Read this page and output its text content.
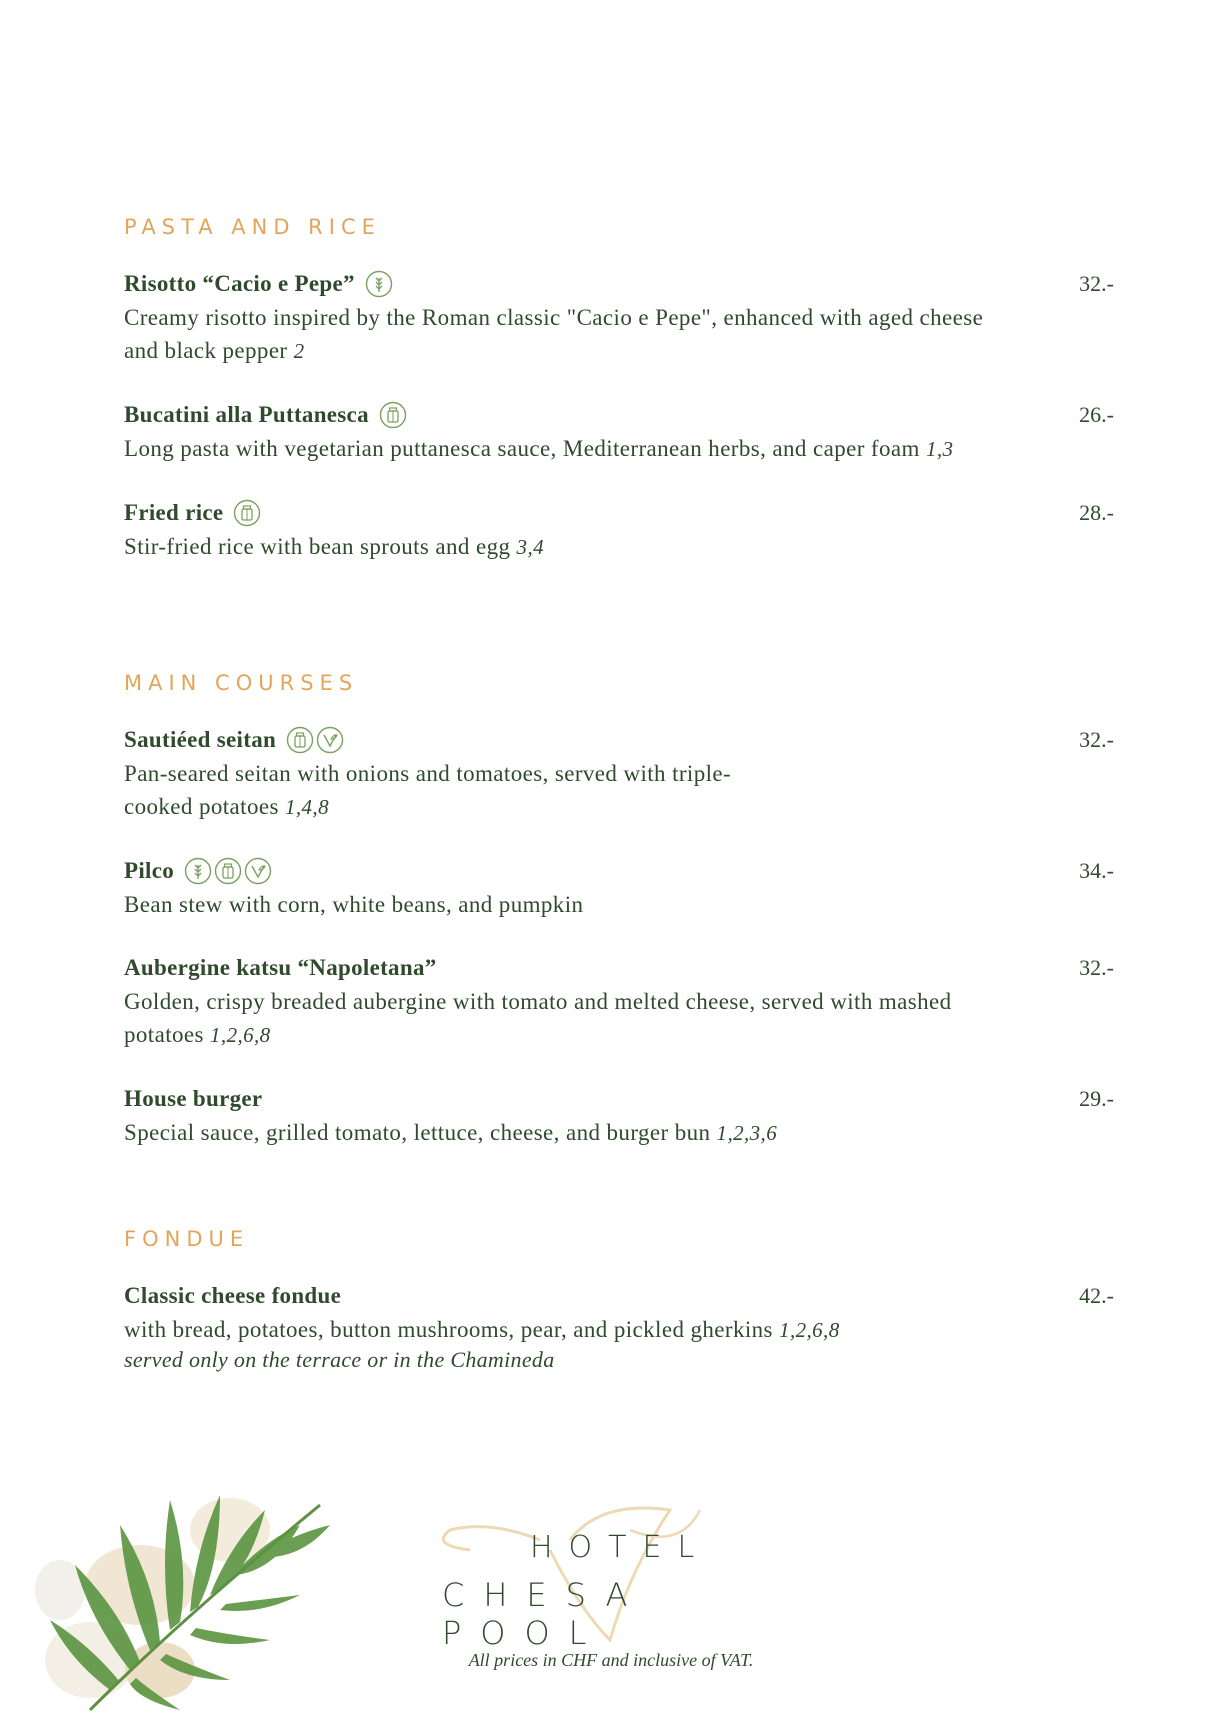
PASTA AND RICE
Risotto “Cacio e Pepe”	32.-
Creamy risotto inspired by the Roman classic "Cacio e Pepe", enhanced with aged cheese and black pepper 2
Bucatini alla Puttanesca	26.-
Long pasta with vegetarian puttanesca sauce, Mediterranean herbs, and caper foam 1,3
Fried rice	28.-
Stir-fried rice with bean sprouts and egg 3,4
MAIN COURSES
Sautiéed seitan	32.-
Pan-seared seitan with onions and tomatoes, served with triple-cooked potatoes 1,4,8
Pilco	34.-
Bean stew with corn, white beans, and pumpkin
Aubergine katsu “Napoletana”	32.-
Golden, crispy breaded aubergine with tomato and melted cheese, served with mashed potatoes 1,2,6,8
House burger	29.-
Special sauce, grilled tomato, lettuce, cheese, and burger bun 1,2,3,6
FONDUE
Classic cheese fondue	42.-
with bread, potatoes, button mushrooms, pear, and pickled gherkins 1,2,6,8
served only on the terrace or in the Chamineda
HOTEL
CHESA POOL
All prices in CHF and inclusive of VAT.
